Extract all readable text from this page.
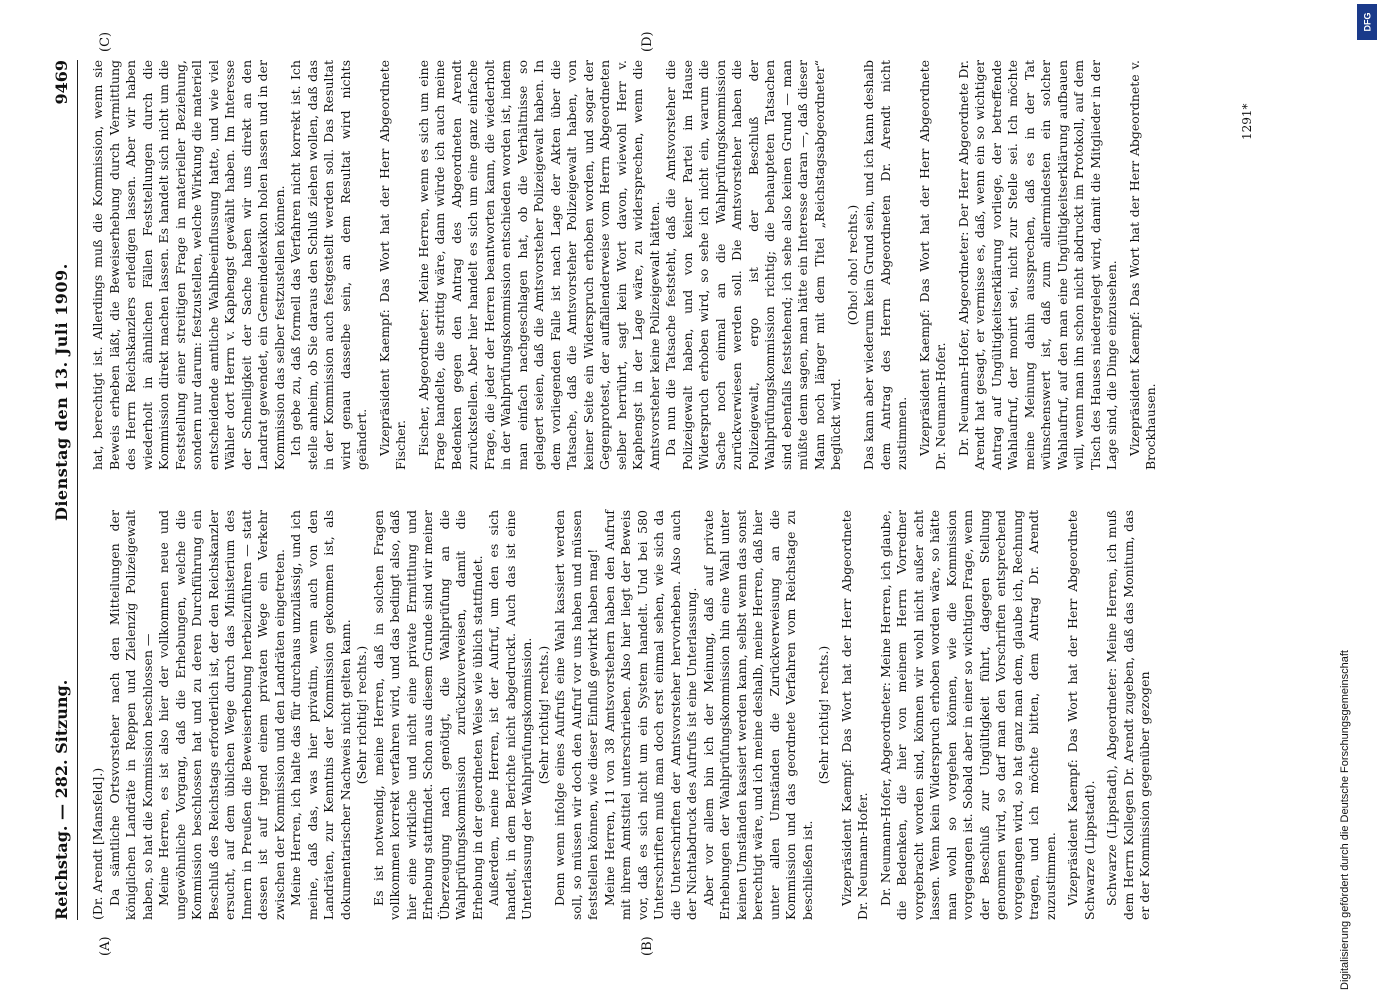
Reichstag. — 282. Sitzung.
Dienstag den 13. Juli 1909.
9469
(A)	(B)
(C)	(D)

(Dr. Arendt [Mansfeld].) Da sämtliche Ortsvorsteher nach den Mitteilungen der königlichen Landräte in Reppen und Zielenzig Polizeigewalt haben, so hat die Kommission beschlossen — Meine Herren, es ist also hier der vollkommen neue und ungewöhnliche Vorgang, daß die Erhebungen, welche die Kommission beschlossen hat und zu deren Durchführung ein Beschluß des Reichstags erforderlich ist, der den Reichskanzler ersucht, auf dem üblichen Wege durch das Ministerium des Innern in Preußen die Beweiserhebung herbeizuführen — statt dessen ist auf irgend einem privaten Wege ein Verkehr zwischen der Kommission und den Landräten eingetreten. Meine Herren, ich halte das für durchaus unzulässig, und ich meine, daß das, was hier privatim, wenn auch von den Landräten, zur Kenntnis der Kommission gekommen ist, als dokumentarischer Nachweis nicht gelten kann. (Sehr richtig! rechts.) Es ist notwendig, meine Herren, daß in solchen Fragen vollkommen korrekt verfahren wird, und das bedingt also, daß hier eine wirkliche und nicht eine private Ermittlung und Erhebung stattfindet. Schon aus diesem Grunde sind wir meiner Überzeugung nach genötigt, die Wahlprüfung an die Wahlprüfungskommission zurückzuverweisen, damit die Erhebung in der geordneten Weise wie üblich stattfindet. Außerdem, meine Herren, ist der Aufruf, um den es sich handelt, in dem Berichte nicht abgedruckt. Auch das ist eine Unterlassung der Wahlprüfungskommission. (Sehr richtig! rechts.) Denn wenn infolge eines Aufrufs eine Wahl kassiert werden soll, so müssen wir doch den Aufruf vor uns haben und müssen feststellen können, wie dieser Einfluß gewirkt haben mag! Meine Herren, 11 von 38 Amtsvorstehern haben den Aufruf mit ihrem Amtstitel unterschrieben. Also hier liegt der Beweis vor, daß es sich nicht um ein System handelt. Und bei 580 Unterschriften muß man doch erst einmal sehen, wie sich da die Unterschriften der Amtsvorsteher hervorheben. Also auch der Nichtabdruck des Aufrufs ist eine Unterlassung. Aber vor allem bin ich der Meinung, daß auf private Erhebungen der Wahlprüfungskommission hin eine Wahl unter keinen Umständen kassiert werden kann, selbst wenn das sonst berechtigt wäre, und ich meine deshalb, meine Herren, daß hier unter allen Umständen die Zurückverweisung an die Kommission und das geordnete Verfahren vom Reichstage zu beschließen ist.

(Sehr richtig! rechts.) Vizepräsident Kaempf: Das Wort hat der Herr Abgeordnete Dr. Neumann-Hofer. Dr. Neumann-Hofer, Abgeordneter: Meine Herren, ich glaube, die Bedenken, die hier von meinem Herrn Vorredner vorgebracht worden sind, können wir wohl nicht außer acht lassen. Wenn kein Widerspruch erhoben worden wäre, so hätte man wohl so vorgehen können, wie die Kommission vorgegangen ist. Sobald aber in einer so wichtigen Frage, wenn der Beschluß zur Ungültigkeit führt, dagegen Stellung genommen wird, so darf man den Vorschriften entsprechend vorgegangen wird, so hat ganz man dem, glaube ich, Rechnung tragen, und ich möchte bitten, dem Antrag Dr. Arendt zuzustimmen. Vizepräsident Kaempf: Das Wort hat der Herr Abgeordnete Schwarze (Lippstadt). Schwarze (Lippstadt), Abgeordneter: Meine Herren, ich muß dem Herrn Kollegen Dr. Arendt zugeben, daß das Monitum, das er der Kommission gegenüber gezogen

hat, berechtigt ist. Allerdings muß die Kommission, wenn sie Beweis erheben läßt, die Beweiserhebung durch Vermittlung des Herrn Reichskanzlers erledigen lassen. Aber wir haben wiederholt in ähnlichen Fällen Feststellungen durch die Kommission direkt machen lassen. Es handelt sich nicht um die Feststellung einer streitigen Frage in materieller Beziehung, sondern nur darum: festzustellen, welche Wirkung die materiell entscheidende amtliche Wahlbeeinflussung hatte, und wie viel Wähler dort Herrn v. Kaphengst gewählt haben. Im Interesse der Schnelligkeit der Sache haben wir uns direkt an den Landrat gewendet, ein Gemeindelexikon holen lassen und in der Kommission das selber festzustellen können. Ich gebe zu, daß formell das Verfahren nicht korrekt ist. Ich stelle anheim, ob Sie daraus den Schluß ziehen wollen, daß das in der Kommission auch festgestellt werden soll. Das Resultat wird genau dasselbe sein, an dem Resultat wird nichts geändert. Vizepräsident Kaempf: Das Wort hat der Herr Abgeordnete Fischer. Fischer, Abgeordneter: Meine Herren, wenn es sich um eine Frage handelte, die strittig wäre, dann würde ich auch meine Bedenken gegen den Antrag des Abgeordneten Arendt zurückstellen. Aber hier handelt es sich um eine ganz einfache Frage, die jeder der Herren beantworten kann, die wiederholt in der Wahlprüfungskommission entschieden worden ist, indem man einfach nachgeschlagen hat, ob die Verhältnisse so gelagert seien, daß die Amtsvorsteher Polizeigewalt haben. In dem vorliegenden Falle ist nach Lage der Akten über die Tatsache, daß die Amtsvorsteher Polizeigewalt haben, von keiner Seite ein Widerspruch erhoben worden, und sogar der Gegenprotest, der auffallenderweise vom Herrn Abgeordneten selber herrührt, sagt kein Wort davon, wiewohl Herr v. Kaphengst in der Lage wäre, zu widersprechen, wenn die Amtsvorsteher keine Polizeigewalt hätten. Da nun die Tatsache feststeht, daß die Amtsvorsteher die Polizeigewalt haben, und von keiner Partei im Hause Widerspruch erhoben wird, so sehe ich nicht ein, warum die Sache noch einmal an die Wahlprüfungskommission zurückverwiesen werden soll. Die Amtsvorsteher haben die Polizeigewalt, ergo ist der Beschluß der Wahlprüfungskommission richtig; die behaupteten Tatsachen sind ebenfalls feststehend; ich sehe also keinen Grund — man müßte denn sagen, man hätte ein Interesse daran —, daß dieser Mann noch länger mit dem Titel „Reichstagsabgeordneter“ beglückt wird.

(Oho! oho! rechts.) Das kann aber wiederum kein Grund sein, und ich kann deshalb dem Antrag des Herrn Abgeordneten Dr. Arendt nicht zustimmen. Vizepräsident Kaempf: Das Wort hat der Herr Abgeordnete Dr. Neumann-Hofer. Dr. Neumann-Hofer, Abgeordneter: Der Herr Abgeordnete Dr. Arendt hat gesagt, er vermisse es, daß, wenn ein so wichtiger Antrag auf Ungültigkeitserklärung vorliege, der betreffende Wahlaufruf, der monirt sei, nicht zur Stelle sei. Ich möchte meine Meinung dahin aussprechen, daß es in der Tat wünschenswert ist, daß zum allermindesten ein solcher Wahlaufruf, auf den man eine Ungültigkeitserklärung aufbauen will, wenn man ihn schon nicht abdruckt im Protokoll, auf dem Tisch des Hauses niedergelegt wird, damit die Mitglieder in der Lage sind, die Dinge einzusehen. Vizepräsident Kaempf: Das Wort hat der Herr Abgeordnete v. Brockhausen.

1291*
Digitalisierung gefördert durch die Deutsche Forschungsgemeinschaft
DFG
